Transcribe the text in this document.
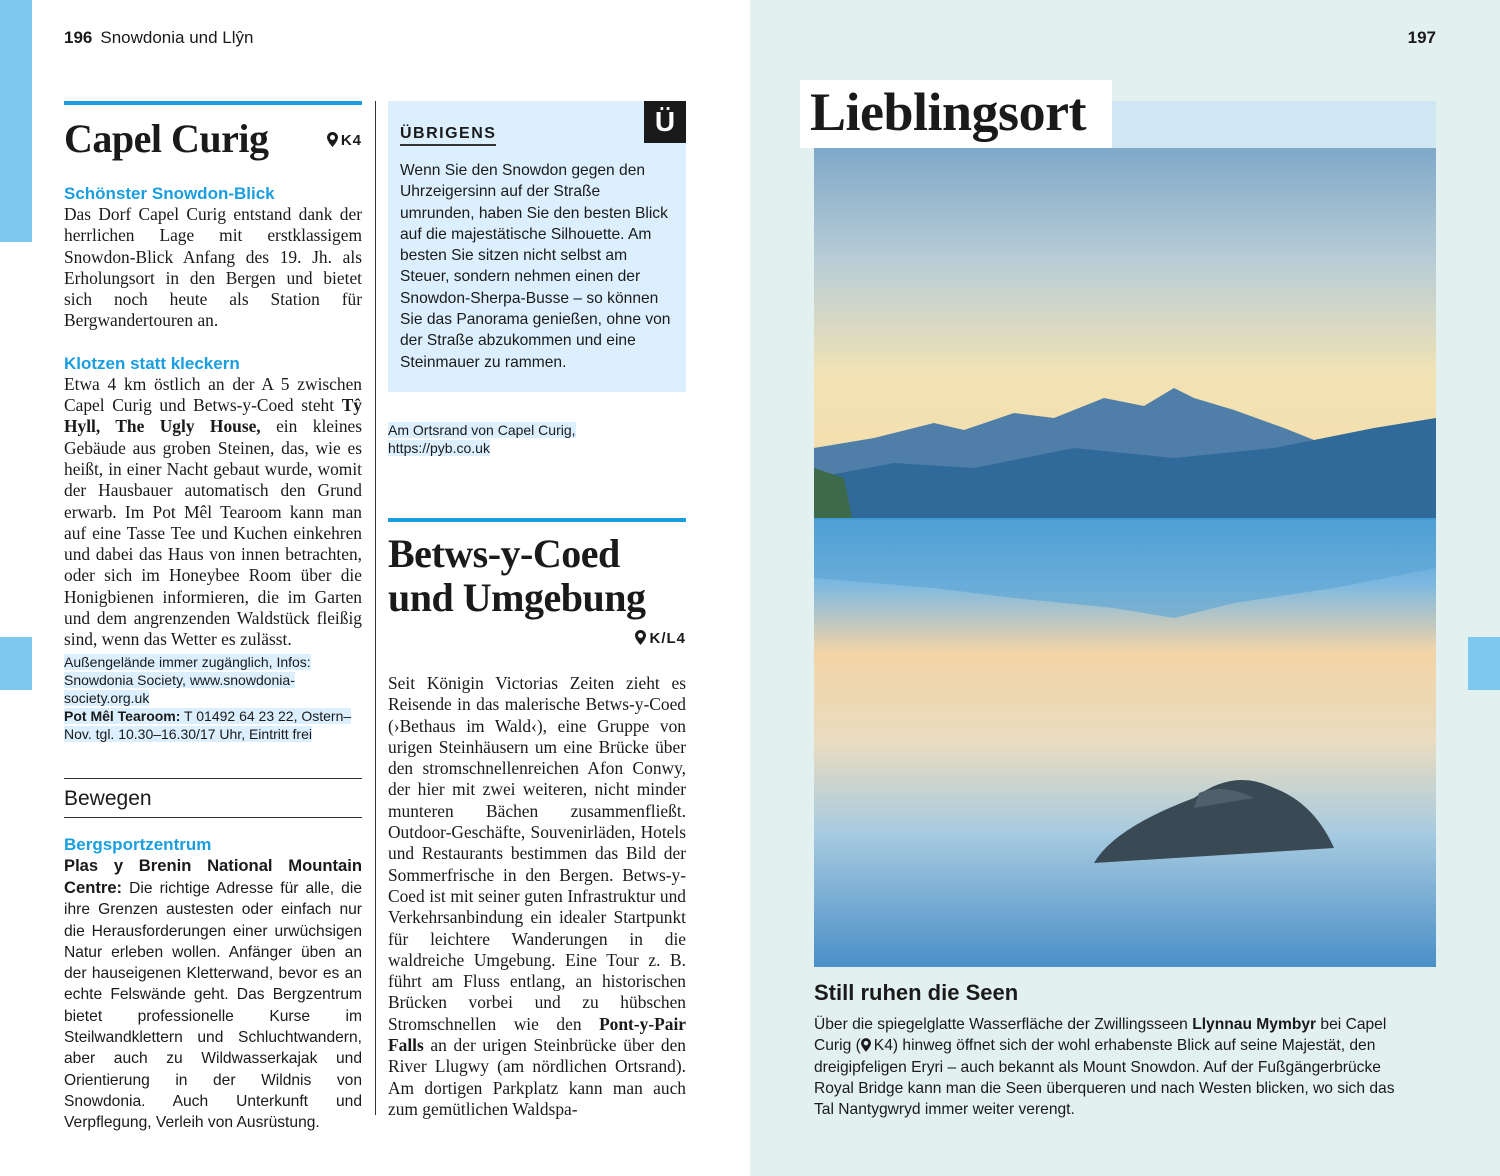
196 Snowdonia und Llŷn	197
Capel Curig	K4
Schönster Snowdon-Blick

Das Dorf Capel Curig entstand dank der herrlichen Lage mit erstklassigem Snowdon-Blick Anfang des 19. Jh. als Erholungsort in den Bergen und bietet sich noch heute als Station für Bergwandertouren an.

Klotzen statt kleckern

Etwa 4 km östlich an der A 5 zwischen Capel Curig und Betws-y-Coed steht Tŷ Hyll, The Ugly House, ein kleines Gebäude aus groben Steinen, das, wie es heißt, in einer Nacht gebaut wurde, womit der Hausbauer automatisch den Grund erwarb. Im Pot Mêl Tearoom kann man auf eine Tasse Tee und Kuchen einkehren und dabei das Haus von innen betrachten, oder sich im Honeybee Room über die Honigbienen informieren, die im Garten und dem angrenzenden Waldstück fleißig sind, wenn das Wetter es zulässt.

Außengelände immer zugänglich, Infos: Snowdonia Society, www.snowdonia-society.org.uk
Pot Mêl Tearoom: T 01492 64 23 22, Ostern–Nov. tgl. 10.30–16.30/17 Uhr, Eintritt frei

Bewegen
Bergsportzentrum

Plas y Brenin National Mountain Centre: Die richtige Adresse für alle, die ihre Grenzen austesten oder einfach nur die Herausforderungen einer urwüchsigen Natur erleben wollen. Anfänger üben an der hauseigenen Kletterwand, bevor es an echte Felswände geht. Das Bergzentrum bietet professionelle Kurse im Steilwandklettern und Schluchtwandern, aber auch zu Wildwasserkajak und Orientierung in der Wildnis von Snowdonia. Auch Unterkunft und Verpflegung, Verleih von Ausrüstung.

Ü
ÜBRIGENS

Wenn Sie den Snowdon gegen den Uhrzeigersinn auf der Straße umrunden, haben Sie den besten Blick auf die majestätische Silhouette. Am besten Sie sitzen nicht selbst am Steuer, sondern nehmen einen der Snowdon-Sherpa-Busse – so können Sie das Panorama genießen, ohne von der Straße abzukommen und eine Steinmauer zu rammen.

Am Ortsrand von Capel Curig, https://pyb.co.uk

Betws-y-Coed
und Umgebung
K/L4

Seit Königin Victorias Zeiten zieht es Reisende in das malerische Betws-y-Coed (›Bethaus im Wald‹), eine Gruppe von urigen Steinhäusern um eine Brücke über den stromschnellenreichen Afon Conwy, der hier mit zwei weiteren, nicht minder munteren Bächen zusammenfließt. Outdoor-Geschäfte, Souvenirläden, Hotels und Restaurants bestimmen das Bild der Sommerfrische in den Bergen. Betws-y-Coed ist mit seiner guten Infrastruktur und Verkehrsanbindung ein idealer Startpunkt für leichtere Wanderungen in die waldreiche Umgebung. Eine Tour z. B. führt am Fluss entlang, an historischen Brücken vorbei und zu hübschen Stromschnellen wie den Pont-y-Pair Falls an der urigen Steinbrücke über den River Llugwy (am nördlichen Ortsrand). Am dortigen Parkplatz kann man auch zum gemütlichen Waldspa-

Lieblingsort
Still ruhen die Seen

Über die spiegelglatte Wasserfläche der Zwillingsseen Llynnau Mymbyr bei Capel Curig ( K4) hinweg öffnet sich der wohl erhabenste Blick auf seine Majestät, den dreigipfeligen Eryri – auch bekannt als Mount Snowdon. Auf der Fußgängerbrücke Royal Bridge kann man die Seen überqueren und nach Westen blicken, wo sich das Tal Nantygwryd immer weiter verengt.
